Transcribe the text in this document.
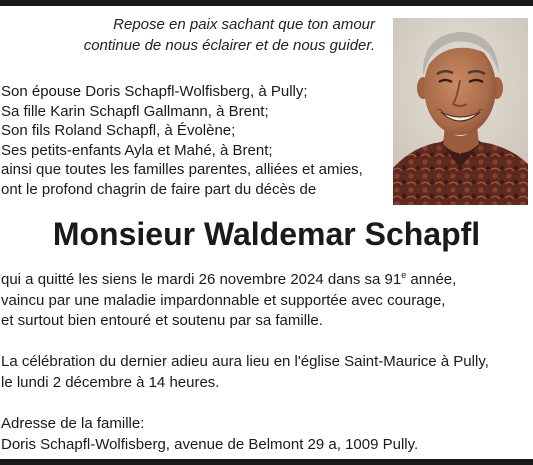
Repose en paix sachant que ton amour
continue de nous éclairer et de nous guider.
Son épouse Doris Schapfl-Wolfisberg, à Pully;
Sa fille Karin Schapfl Gallmann, à Brent;
Son fils Roland Schapfl, à Évolène;
Ses petits-enfants Ayla et Mahé, à Brent;
ainsi que toutes les familles parentes, alliées et amies,
ont le profond chagrin de faire part du décès de
Monsieur Waldemar Schapfl
qui a quitté les siens le mardi 26 novembre 2024 dans sa 91e année,
vaincu par une maladie impardonnable et supportée avec courage,
et surtout bien entouré et soutenu par sa famille.
La célébration du dernier adieu aura lieu en l'église Saint-Maurice à Pully,
le lundi 2 décembre à 14 heures.
Adresse de la famille:
Doris Schapfl-Wolfisberg, avenue de Belmont 29 a, 1009 Pully.
